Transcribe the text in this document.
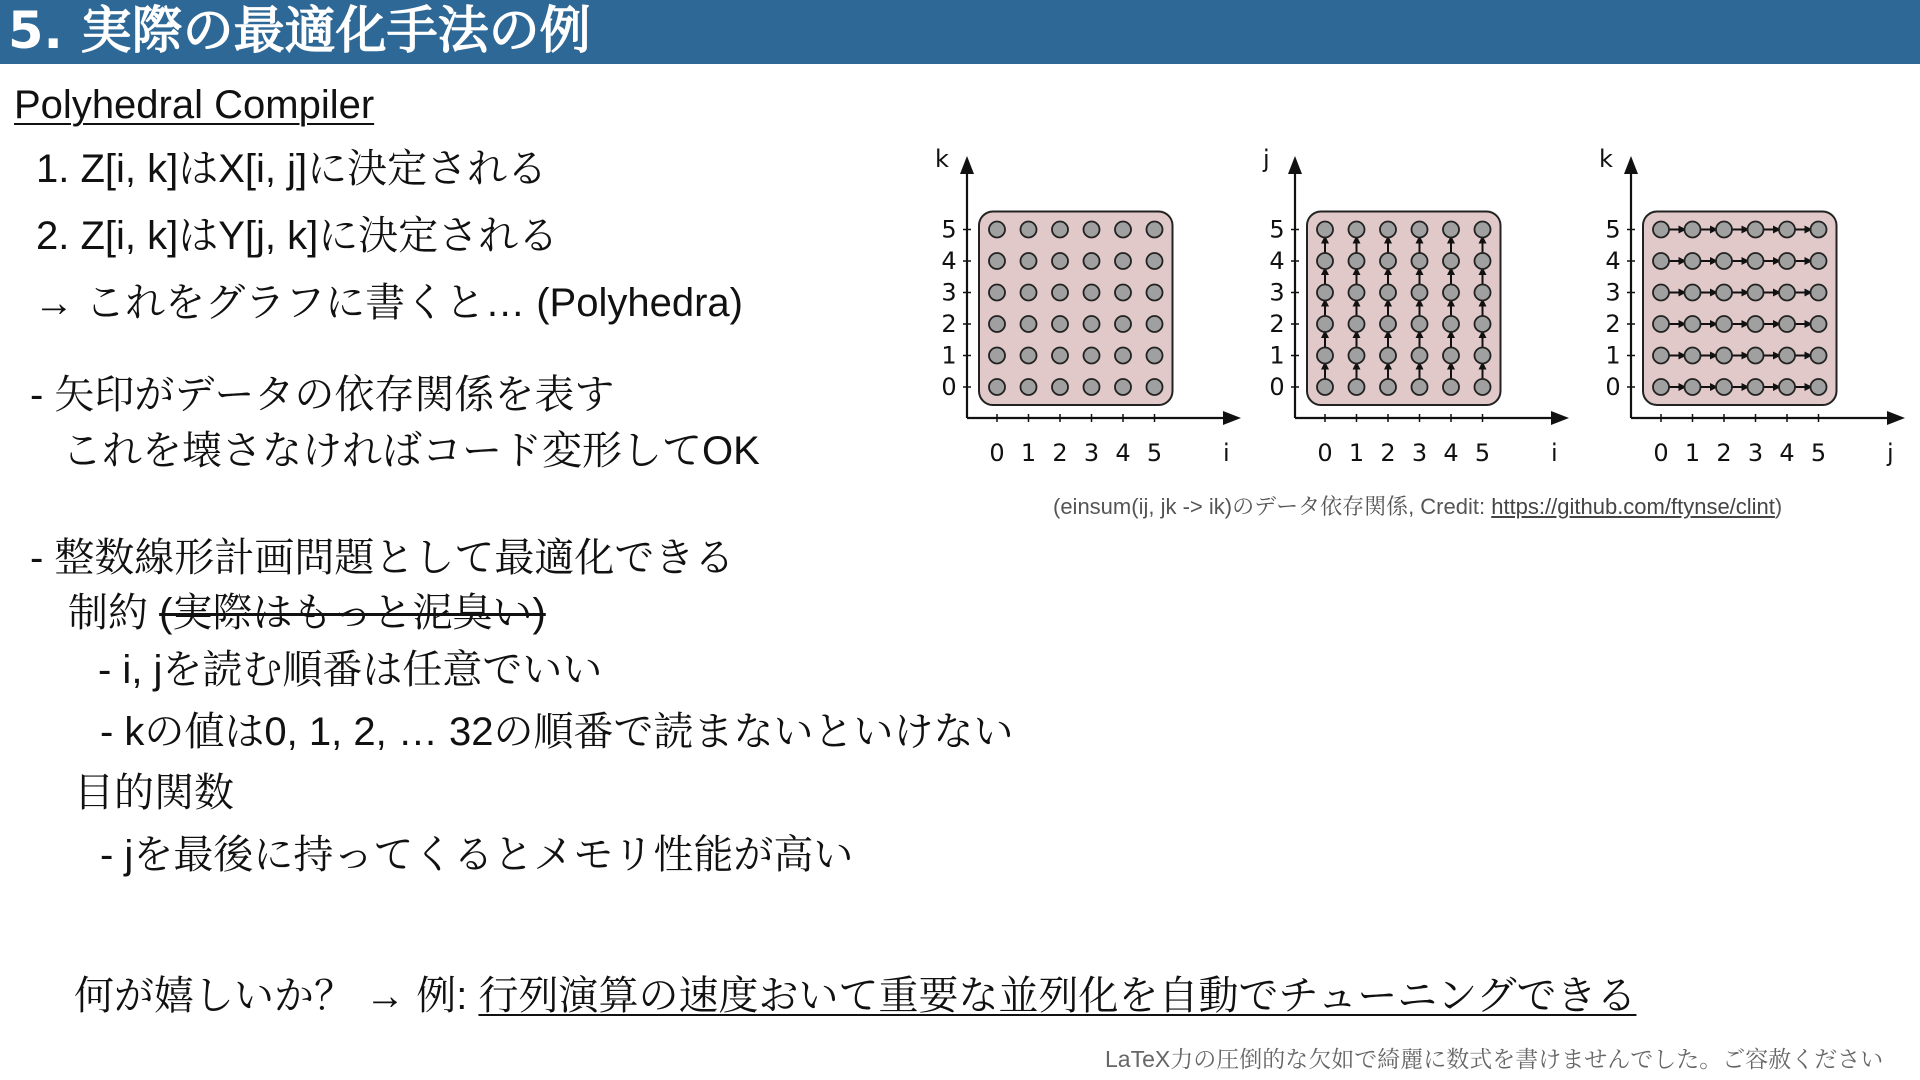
5. 実際の最適化手法の例
Polyhedral Compiler
1. Z[i, k]はX[i, j]に決定される
2. Z[i, k]はY[j, k]に決定される
→ これをグラフに書くと… (Polyhedra)
- 矢印がデータの依存関係を表す
これを壊さなければコード変形してOK
- 整数線形計画問題として最適化できる
制約 (実際はもっと泥臭い)
- i, jを読む順番は任意でいい
- kの値は0, 1, 2, … 32の順番で読まないといけない
目的関数
- jを最後に持ってくるとメモリ性能が高い
何が嬉しいか？ → 例: 行列演算の速度おいて重要な並列化を自動でチューニングできる
k
i
0 1 2 3 4 5
0
1
2
3
4
5
j
i
0 1 2 3 4 5
0
1
2
3
4
5
k
j
0 1 2 3 4 5
0
1
2
3
4
5
(einsum(ij, jk -> ik)のデータ依存関係, Credit: https://github.com/ftynse/clint)
LaTeX力の圧倒的な欠如で綺麗に数式を書けませんでした。ご容赦ください
